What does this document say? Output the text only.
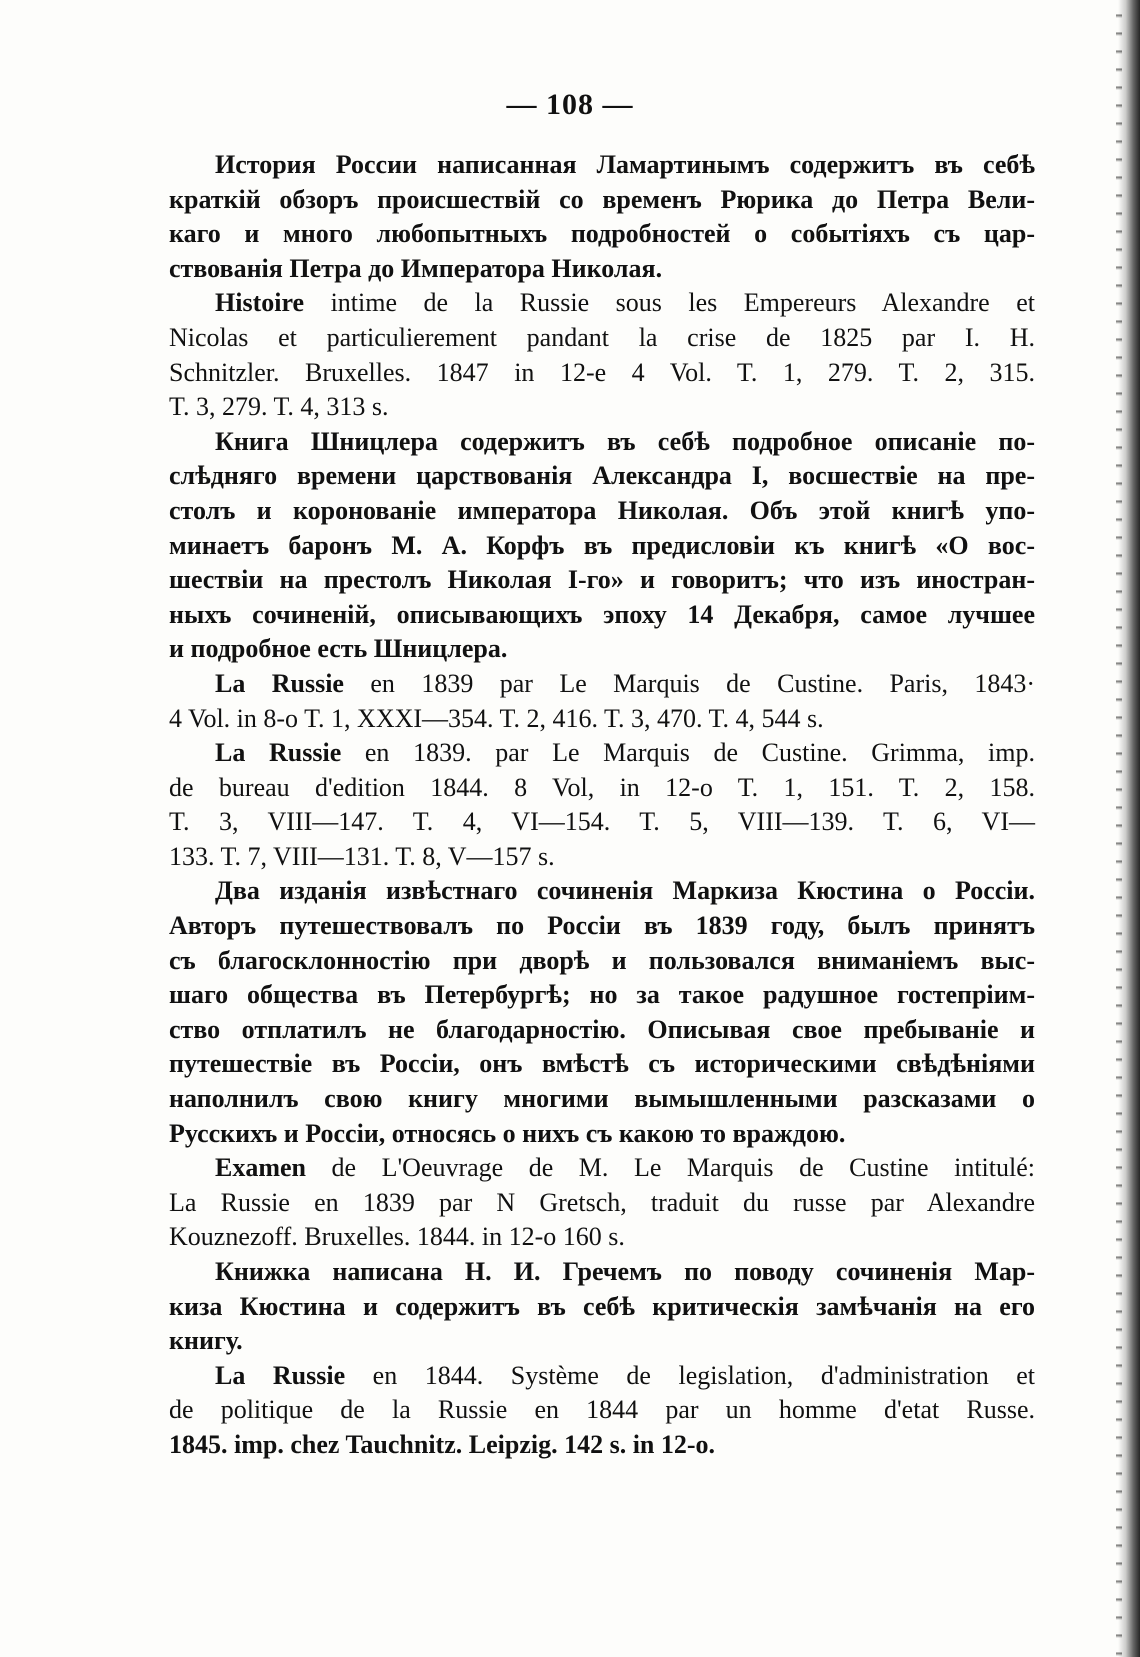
— 108 —
История России написанная Ламартинымъ содержитъ въ себѣ
краткій обзоръ происшествій со временъ Рюрика до Петра Вели-
каго и много любопытныхъ подробностей о событіяхъ съ цар-
ствованія Петра до Императора Николая.
Histoire intime de la Russie sous les Empereurs Alexandre et
Nicolas et particulierement pandant la crise de 1825 par I. H.
Schnitzler. Bruxelles. 1847 in 12-e 4 Vol. T. 1, 279. T. 2, 315.
T. 3, 279. T. 4, 313 s.
Книга Шницлера содержитъ въ себѣ подробное описаніе по-
слѣдняго времени царствованія Александра I, восшествіе на пре-
столъ и коронованіе императора Николая. Объ этой книгѣ упо-
минаетъ баронъ М. А. Корфъ въ предисловіи къ книгѣ «О вос-
шествіи на престолъ Николая I-го» и говоритъ; что изъ иностран-
ныхъ сочиненій, описывающихъ эпоху 14 Декабря, самое лучшее
и подробное есть Шницлера.
La Russie en 1839 par Le Marquis de Custine. Paris, 1843·
4 Vol. in 8-o T. 1, XXXI—354. T. 2, 416. T. 3, 470. T. 4, 544 s.
La Russie en 1839. par Le Marquis de Custine. Grimma, imp.
de bureau d'edition 1844. 8 Vol, in 12-o T. 1, 151. T. 2, 158.
T. 3, VIII—147. T. 4, VI—154. T. 5, VIII—139. T. 6, VI—
133. T. 7, VIII—131. T. 8, V—157 s.
Два изданія извѣстнаго сочиненія Маркиза Кюстина о Россіи.
Авторъ путешествовалъ по Россіи въ 1839 году, былъ принятъ
съ благосклонностію при дворѣ и пользовался вниманіемъ выс-
шаго общества въ Петербургѣ; но за такое радушное гостепріим-
ство отплатилъ не благодарностію. Описывая свое пребываніе и
путешествіе въ Россіи, онъ вмѣстѣ съ историческими свѣдѣніями
наполнилъ свою книгу многими вымышленными разсказами о
Русскихъ и Россіи, относясь о нихъ съ какою то враждою.
Examen de L'Oeuvrage de M. Le Marquis de Custine intitulé:
La Russie en 1839 par N Gretsch, traduit du russe par Alexandre
Kouznezoff. Bruxelles. 1844. in 12-o 160 s.
Книжка написана Н. И. Гречемъ по поводу сочиненія Мар-
киза Кюстина и содержитъ въ себѣ критическія замѣчанія на его
книгу.
La Russie en 1844. Système de legislation, d'administration et
de politique de la Russie en 1844 par un homme d'etat Russe.
1845. imp. chez Tauchnitz. Leipzig. 142 s. in 12-o.
